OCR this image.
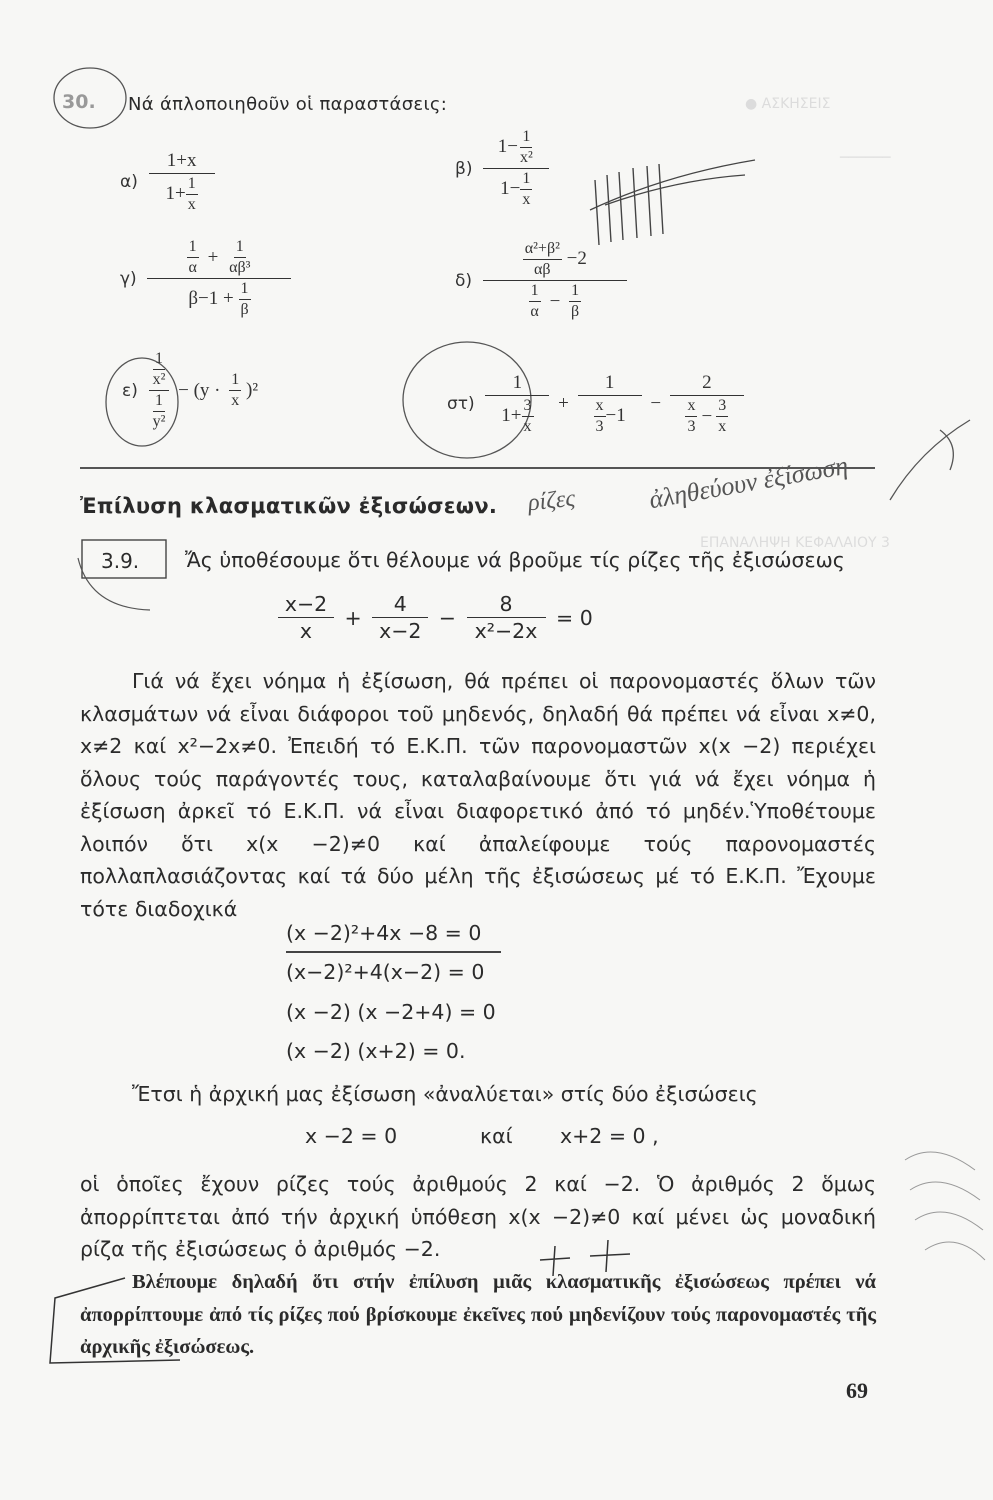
● ΑΣΚΗΣΕΙΣ
──────
ΕΠΑΝΑΛΗΨΗ ΚΕΦΑΛΑΙΟΥ 3
30. Νά άπλοποιηθοῦν οἱ παραστάσεις:
$\alpha) \frac{1+x}{1+ \frac{1}{x}}$	$\beta) \frac{1- \frac{1}{\text{x²}}}{1- \frac{1}{x}}$
$\gamma) \frac{\frac{1}{\alpha} + \frac{1}{\text{αβ³}}}{\beta-1 + \frac{1}{\beta}}$	$\delta) \frac{\frac{\text{α²+β²}}{\alpha\beta} -2}{\frac{1}{\alpha} - \frac{1}{\beta}}$
$\varepsilon) \frac{\frac{1}{\text{x²}}}{\frac{1}{\text{y²}}} - (y \cdot \frac{1}{x} )^2$
$\sigma\tau) \frac{1}{1+ \frac{3}{x}} + \frac{1}{\frac{x}{3} -1} - \frac{2}{\frac{x}{3} - \frac{3}{x}}$
Ἐπίλυση κλασματικῶν ἐξισώσεων. ρίζες	ἀληθεύουν ἐξίσωση
3.9. Ἄς ὑποθέσουμε ὅτι θέλουμε νά βροῦμε τίς ρίζες τῆς ἐξισώσεως
$\frac{x-2}{x} + \frac{4}{x-2} - \frac{8}{\text{x²−2x}} = 0$
Γιά νά ἔχει νόημα ἡ ἐξίσωση, θά πρέπει οἱ παρονομαστές ὅλων τῶν κλασμάτων νά εἶναι διάφοροι τοῦ μηδενός, δηλαδή θά πρέπει νά εἶναι x≠0, x≠2 καί x²−2x≠0. Ἐπειδή τό Ε.Κ.Π. τῶν παρονομαστῶν x(x −2) περιέχει ὅλους τούς παράγοντές τους, καταλαβαίνουμε ὅτι γιά νά ἔχει νόημα ἡ ἐξίσωση ἀρκεῖ τό Ε.Κ.Π. νά εἶναι διαφορετικό ἀπό τό μηδέν.Ὑποθέτουμε λοιπόν ὅτι x(x −2)≠0 καί ἀπαλείφουμε τούς παρονομαστές πολλαπλασιάζοντας καί τά δύο μέλη τῆς ἐξισώσεως μέ τό Ε.Κ.Π. Ἔχουμε τότε διαδοχικά
(x −2)²+4x −8 = 0
(x−2)²+4(x−2) = 0
(x −2) (x −2+4) = 0
(x −2) (x+2) = 0.
Ἔτσι ἡ ἀρχική μας ἐξίσωση «ἀναλύεται» στίς δύο ἐξισώσεις
x −2 = 0	καί x+2 = 0 ,
οἱ ὁποῖες ἔχουν ρίζες τούς ἀριθμούς 2 καί −2. Ὁ ἀριθμός 2 ὅμως ἀπορρίπτεται ἀπό τήν ἀρχική ὑπόθεση x(x −2)≠0 καί μένει ὡς μοναδική ρίζα τῆς ἐξισώσεως ὁ ἀριθμός −2.
Βλέπουμε δηλαδή ὅτι στήν ἐπίλυση μιᾶς κλασματικῆς ἐξισώσεως πρέπει νά ἀπορρίπτουμε ἀπό τίς ρίζες πού βρίσκουμε ἐκεῖνες πού μηδενίζουν τούς παρονομαστές τῆς ἀρχικῆς ἐξισώσεως.
69
